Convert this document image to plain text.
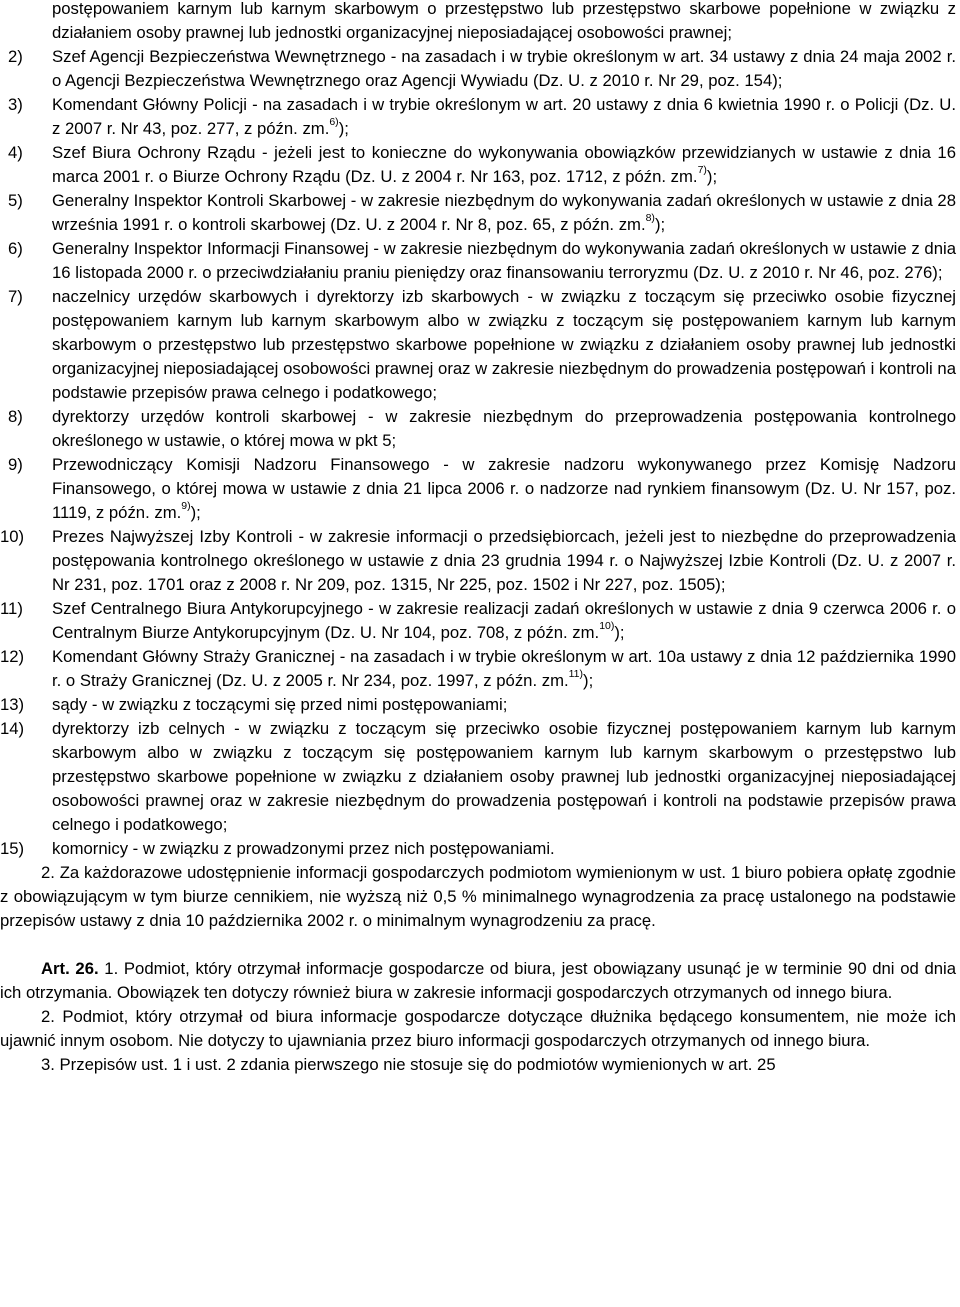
postępowaniem karnym lub karnym skarbowym o przestępstwo lub przestępstwo skarbowe popełnione w związku z działaniem osoby prawnej lub jednostki organizacyjnej nieposiadającej osobowości prawnej;
2) Szef Agencji Bezpieczeństwa Wewnętrznego - na zasadach i w trybie określonym w art. 34 ustawy z dnia 24 maja 2002 r. o Agencji Bezpieczeństwa Wewnętrznego oraz Agencji Wywiadu (Dz. U. z 2010 r. Nr 29, poz. 154);
3) Komendant Główny Policji - na zasadach i w trybie określonym w art. 20 ustawy z dnia 6 kwietnia 1990 r. o Policji (Dz. U. z 2007 r. Nr 43, poz. 277, z późn. zm.$^{6)}$);
4) Szef Biura Ochrony Rządu - jeżeli jest to konieczne do wykonywania obowiązków przewidzianych w ustawie z dnia 16 marca 2001 r. o Biurze Ochrony Rządu (Dz. U. z 2004 r. Nr 163, poz. 1712, z późn. zm.$^{7)}$);
5) Generalny Inspektor Kontroli Skarbowej - w zakresie niezbędnym do wykonywania zadań określonych w ustawie z dnia 28 września 1991 r. o kontroli skarbowej (Dz. U. z 2004 r. Nr 8, poz. 65, z późn. zm.$^{8)}$);
6) Generalny Inspektor Informacji Finansowej - w zakresie niezbędnym do wykonywania zadań określonych w ustawie z dnia 16 listopada 2000 r. o przeciwdziałaniu praniu pieniędzy oraz finansowaniu terroryzmu (Dz. U. z 2010 r. Nr 46, poz. 276);
7) naczelnicy urzędów skarbowych i dyrektorzy izb skarbowych - w związku z toczącym się przeciwko osobie fizycznej postępowaniem karnym lub karnym skarbowym albo w związku z toczącym się postępowaniem karnym lub karnym skarbowym o przestępstwo lub przestępstwo skarbowe popełnione w związku z działaniem osoby prawnej lub jednostki organizacyjnej nieposiadającej osobowości prawnej oraz w zakresie niezbędnym do prowadzenia postępowań i kontroli na podstawie przepisów prawa celnego i podatkowego;
8) dyrektorzy urzędów kontroli skarbowej - w zakresie niezbędnym do przeprowadzenia postępowania kontrolnego określonego w ustawie, o której mowa w pkt 5;
9) Przewodniczący Komisji Nadzoru Finansowego - w zakresie nadzoru wykonywanego przez Komisję Nadzoru Finansowego, o której mowa w ustawie z dnia 21 lipca 2006 r. o nadzorze nad rynkiem finansowym (Dz. U. Nr 157, poz. 1119, z późn. zm.$^{9)}$);
10) Prezes Najwyższej Izby Kontroli - w zakresie informacji o przedsiębiorcach, jeżeli jest to niezbędne do przeprowadzenia postępowania kontrolnego określonego w ustawie z dnia 23 grudnia 1994 r. o Najwyższej Izbie Kontroli (Dz. U. z 2007 r. Nr 231, poz. 1701 oraz z 2008 r. Nr 209, poz. 1315, Nr 225, poz. 1502 i Nr 227, poz. 1505);
11) Szef Centralnego Biura Antykorupcyjnego - w zakresie realizacji zadań określonych w ustawie z dnia 9 czerwca 2006 r. o Centralnym Biurze Antykorupcyjnym (Dz. U. Nr 104, poz. 708, z późn. zm.$^{10)}$);
12) Komendant Główny Straży Granicznej - na zasadach i w trybie określonym w art. 10a ustawy z dnia 12 października 1990 r. o Straży Granicznej (Dz. U. z 2005 r. Nr 234, poz. 1997, z późn. zm.$^{11)}$);
13) sądy - w związku z toczącymi się przed nimi postępowaniami;
14) dyrektorzy izb celnych - w związku z toczącym się przeciwko osobie fizycznej postępowaniem karnym lub karnym skarbowym albo w związku z toczącym się postępowaniem karnym lub karnym skarbowym o przestępstwo lub przestępstwo skarbowe popełnione w związku z działaniem osoby prawnej lub jednostki organizacyjnej nieposiadającej osobowości prawnej oraz w zakresie niezbędnym do prowadzenia postępowań i kontroli na podstawie przepisów prawa celnego i podatkowego;
15) komornicy - w związku z prowadzonymi przez nich postępowaniami.

2. Za każdorazowe udostępnienie informacji gospodarczych podmiotom wymienionym w ust. 1 biuro pobiera opłatę zgodnie z obowiązującym w tym biurze cennikiem, nie wyższą niż 0,5 % minimalnego wynagrodzenia za pracę ustalonego na podstawie przepisów ustawy z dnia 10 października 2002 r. o minimalnym wynagrodzeniu za pracę.

Art. 26. 1. Podmiot, który otrzymał informacje gospodarcze od biura, jest obowiązany usunąć je w terminie 90 dni od dnia ich otrzymania. Obowiązek ten dotyczy również biura w zakresie informacji gospodarczych otrzymanych od innego biura.

2. Podmiot, który otrzymał od biura informacje gospodarcze dotyczące dłużnika będącego konsumentem, nie może ich ujawnić innym osobom. Nie dotyczy to ujawniania przez biuro informacji gospodarczych otrzymanych od innego biura.

3. Przepisów ust. 1 i ust. 2 zdania pierwszego nie stosuje się do podmiotów wymienionych w art. 25
